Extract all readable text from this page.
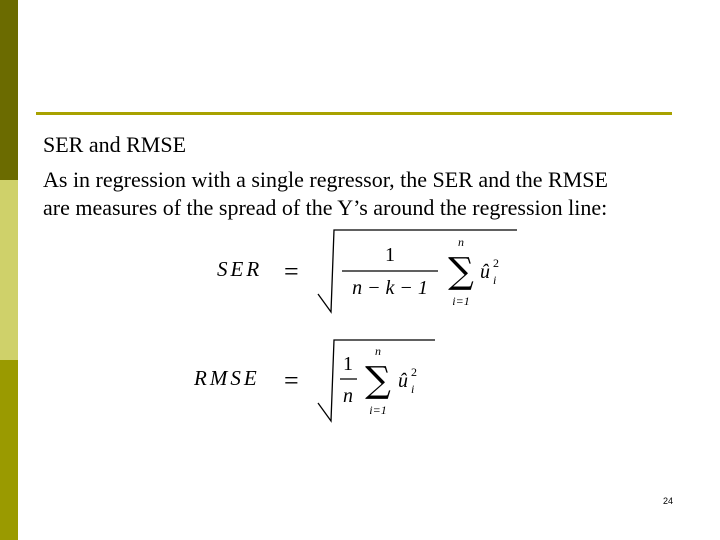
SER and RMSE
As in regression with a single regressor, the SER and the RMSE
are measures of the spread of the Y’s around the regression line:
SER =
1
n − k − 1
n
∑
i=1
û 2
i
RMSE =
1
n
n
∑
i=1
û 2
i
24
